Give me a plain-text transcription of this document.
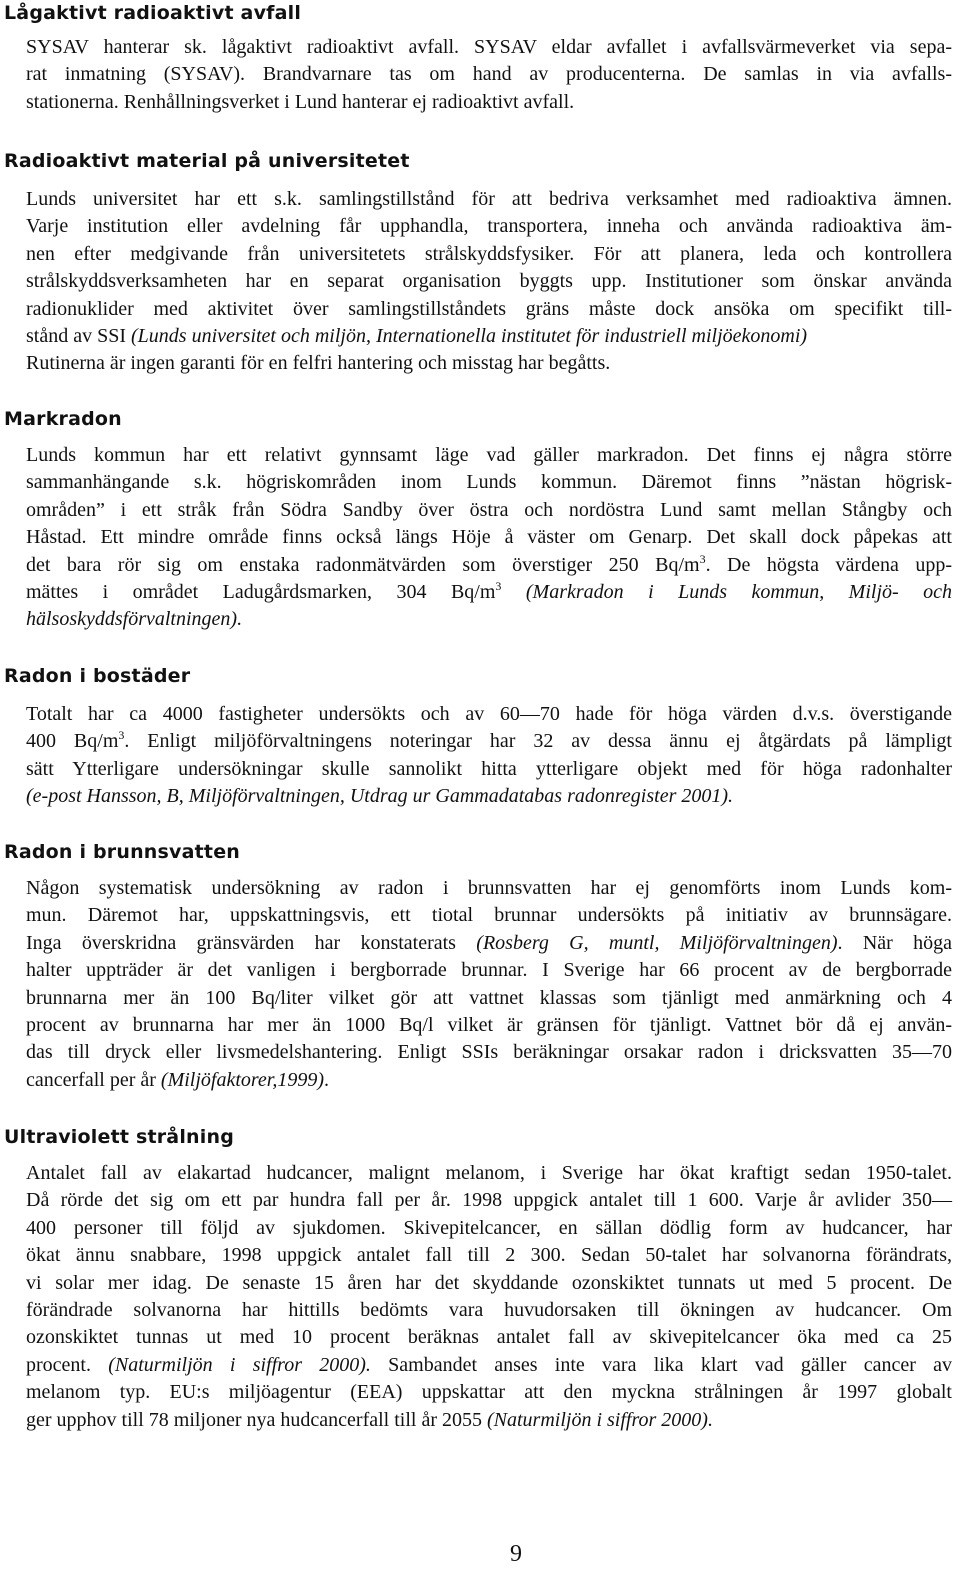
Lågaktivt radioaktivt avfall
SYSAV hanterar sk. lågaktivt radioaktivt avfall. SYSAV eldar avfallet i avfallsvärmeverket via sepa-
rat inmatning (SYSAV). Brandvarnare tas om hand av producenterna. De samlas in via avfalls-
stationerna. Renhållningsverket i Lund hanterar ej radioaktivt avfall.
Radioaktivt material på universitetet
Lunds universitet har ett s.k. samlingstillstånd för att bedriva verksamhet med radioaktiva ämnen.
Varje institution eller avdelning får upphandla, transportera, inneha och använda radioaktiva äm-
nen efter medgivande från universitetets strålskyddsfysiker. För att planera, leda och kontrollera
strålskyddsverksamheten har en separat organisation byggts upp. Institutioner som önskar använda
radionuklider med aktivitet över samlingstillståndets gräns måste dock ansöka om specifikt till-
stånd av SSI (Lunds universitet och miljön, Internationella institutet för industriell miljöekonomi)
Rutinerna är ingen garanti för en felfri hantering och misstag har begåtts.
Markradon
Lunds kommun har ett relativt gynnsamt läge vad gäller markradon. Det finns ej några större
sammanhängande s.k. högriskområden inom Lunds kommun. Däremot finns ”nästan högrisk-
områden” i ett stråk från Södra Sandby över östra och nordöstra Lund samt mellan Stångby och
Håstad. Ett mindre område finns också längs Höje å väster om Genarp. Det skall dock påpekas att
det bara rör sig om enstaka radonmätvärden som överstiger 250 $Bq/m^3$. De högsta värdena upp-
mättes i området Ladugårdsmarken, 304 $Bq/m^3$ (Markradon i Lunds kommun, Miljö- och
hälsoskyddsförvaltningen).
Radon i bostäder
Totalt har ca 4000 fastigheter undersökts och av 60—70 hade för höga värden d.v.s. överstigande
400 $Bq/m^3$. Enligt miljöförvaltningens noteringar har 32 av dessa ännu ej åtgärdats på lämpligt
sätt Ytterligare undersökningar skulle sannolikt hitta ytterligare objekt med för höga radonhalter
(e-post Hansson, B, Miljöförvaltningen, Utdrag ur Gammadatabas radonregister 2001).
Radon i brunnsvatten
Någon systematisk undersökning av radon i brunnsvatten har ej genomförts inom Lunds kom-
mun. Däremot har, uppskattningsvis, ett tiotal brunnar undersökts på initiativ av brunnsägare.
Inga överskridna gränsvärden har konstaterats (Rosberg G, muntl, Miljöförvaltningen). När höga
halter uppträder är det vanligen i bergborrade brunnar. I Sverige har 66 procent av de bergborrade
brunnarna mer än 100 Bq/liter vilket gör att vattnet klassas som tjänligt med anmärkning och 4
procent av brunnarna har mer än 1000 Bq/l vilket är gränsen för tjänligt. Vattnet bör då ej använ-
das till dryck eller livsmedelshantering. Enligt SSIs beräkningar orsakar radon i dricksvatten 35—70
cancerfall per år (Miljöfaktorer,1999).
Ultraviolett strålning
Antalet fall av elakartad hudcancer, malignt melanom, i Sverige har ökat kraftigt sedan 1950-talet.
Då rörde det sig om ett par hundra fall per år. 1998 uppgick antalet till 1 600. Varje år avlider 350—
400 personer till följd av sjukdomen. Skivepitelcancer, en sällan dödlig form av hudcancer, har
ökat ännu snabbare, 1998 uppgick antalet fall till 2 300. Sedan 50-talet har solvanorna förändrats,
vi solar mer idag. De senaste 15 åren har det skyddande ozonskiktet tunnats ut med 5 procent. De
förändrade solvanorna har hittills bedömts vara huvudorsaken till ökningen av hudcancer. Om
ozonskiktet tunnas ut med 10 procent beräknas antalet fall av skivepitelcancer öka med ca 25
procent. (Naturmiljön i siffror 2000). Sambandet anses inte vara lika klart vad gäller cancer av
melanom typ. EU:s miljöagentur (EEA) uppskattar att den myckna strålningen år 1997 globalt
ger upphov till 78 miljoner nya hudcancerfall till år 2055 (Naturmiljön i siffror 2000).
9
